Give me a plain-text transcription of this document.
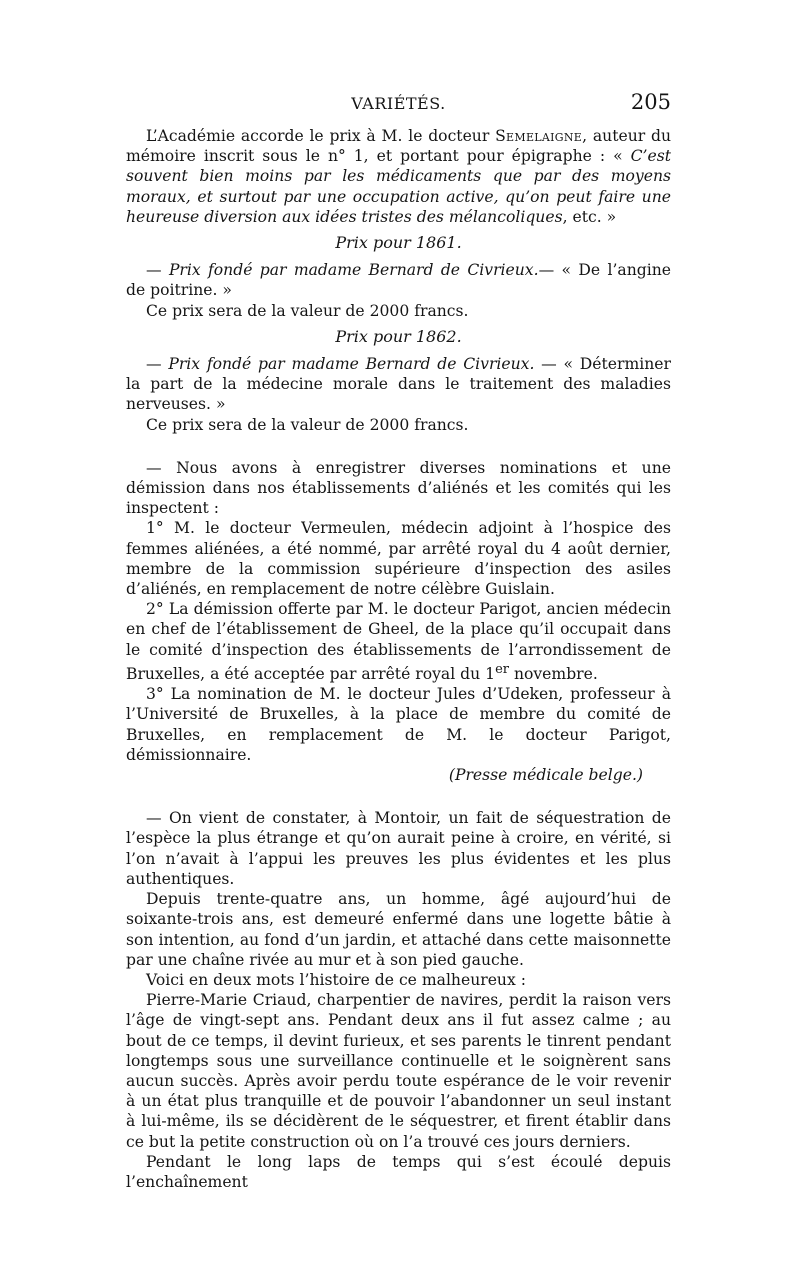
VARIÉTÉS.	205

L’Académie accorde le prix à M. le docteur Semelaigne, auteur du mémoire inscrit sous le n° 1, et portant pour épigraphe : « C’est souvent bien moins par les médicaments que par des moyens moraux, et surtout par une occupation active, qu’on peut faire une heureuse diversion aux idées tristes des mélancoliques, etc. »

Prix pour 1861.

— Prix fondé par madame Bernard de Civrieux.— « De l’angine de poitrine. »

Ce prix sera de la valeur de 2000 francs.

Prix pour 1862.

— Prix fondé par madame Bernard de Civrieux. — « Déterminer la part de la médecine morale dans le traitement des maladies nerveuses. »

Ce prix sera de la valeur de 2000 francs.

— Nous avons à enregistrer diverses nominations et une démission dans nos établissements d’aliénés et les comités qui les inspectent :

1° M. le docteur Vermeulen, médecin adjoint à l’hospice des femmes aliénées, a été nommé, par arrêté royal du 4 août dernier, membre de la commission supérieure d’inspection des asiles d’aliénés, en remplacement de notre célèbre Guislain.

2° La démission offerte par M. le docteur Parigot, ancien médecin en chef de l’établissement de Gheel, de la place qu’il occupait dans le comité d’inspection des établissements de l’arrondissement de Bruxelles, a été acceptée par arrêté royal du 1er novembre.

3° La nomination de M. le docteur Jules d’Udeken, professeur à l’Université de Bruxelles, à la place de membre du comité de Bruxelles, en remplacement de M. le docteur Parigot, démissionnaire.

(Presse médicale belge.)

— On vient de constater, à Montoir, un fait de séquestration de l’espèce la plus étrange et qu’on aurait peine à croire, en vérité, si l’on n’avait à l’appui les preuves les plus évidentes et les plus authentiques.

Depuis trente-quatre ans, un homme, âgé aujourd’hui de soixante-trois ans, est demeuré enfermé dans une logette bâtie à son intention, au fond d’un jardin, et attaché dans cette maisonnette par une chaîne rivée au mur et à son pied gauche.

Voici en deux mots l’histoire de ce malheureux :

Pierre-Marie Criaud, charpentier de navires, perdit la raison vers l’âge de vingt-sept ans. Pendant deux ans il fut assez calme ; au bout de ce temps, il devint furieux, et ses parents le tinrent pendant longtemps sous une surveillance continuelle et le soignèrent sans aucun succès. Après avoir perdu toute espérance de le voir revenir à un état plus tranquille et de pouvoir l’abandonner un seul instant à lui-même, ils se décidèrent de le séquestrer, et firent établir dans ce but la petite construction où on l’a trouvé ces jours derniers.

Pendant le long laps de temps qui s’est écoulé depuis l’enchaînement
